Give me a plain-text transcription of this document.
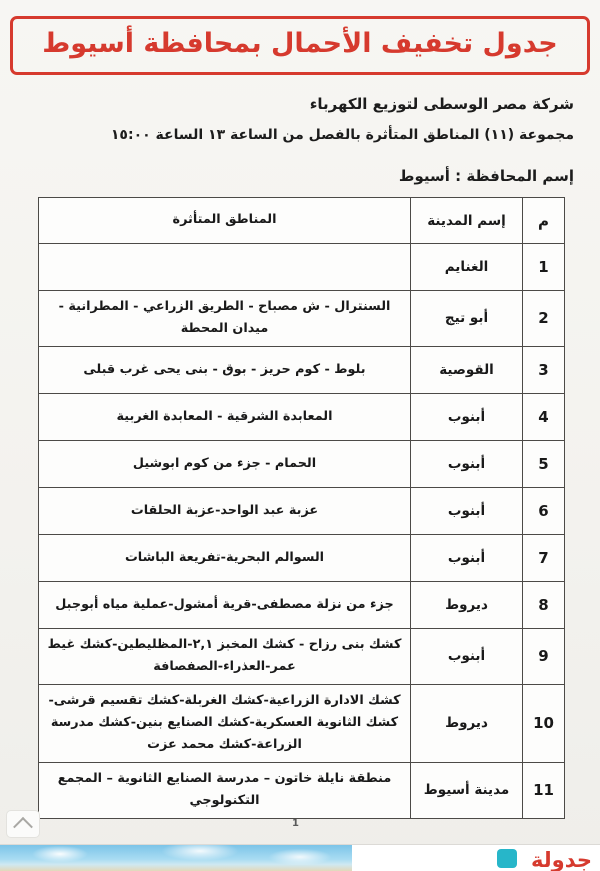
جدول تخفيف الأحمال بمحافظة أسيوط
شركة مصر الوسطى لتوزيع الكهرباء
مجموعة (١١) المناطق المتأثرة بالفصل من الساعة ١٣ الساعة ١٥:٠٠
إسم المحافظة : أسيوط
م	إسم المدينة	المناطق المتأثرة
1	الغنايم	
2	أبو تيج	السنترال - ش مصباح - الطريق الزراعي - المطرانية - ميدان المحطة
3	القوصية	بلوط - كوم حريز - بوق - بنى يحى غرب قبلى
4	أبنوب	المعابدة الشرقية - المعابدة الغربية
5	أبنوب	الحمام - جزء من كوم ابوشيل
6	أبنوب	عزبة عبد الواحد-عزبة الحلقات
7	أبنوب	السوالم البحرية-تفريعة الباشات
8	ديروط	جزء من نزلة مصطفى-قرية أمشول-عملية مياه أبوجبل
9	أبنوب	كشك بنى رزاح - كشك المخبز ٢,١-المظليطين-كشك غيط عمر-العذراء-الصفصافة
10	ديروط	كشك الادارة الزراعية-كشك الغربلة-كشك تقسيم قرشى-كشك الثانوية العسكرية-كشك الصنايع بنين-كشك مدرسة الزراعة-كشك محمد عزت
11	مدينة أسيوط	منطقة نايلة خاتون – مدرسة الصنايع الثانوية – المجمع التكنولوجي
1
جدولة
